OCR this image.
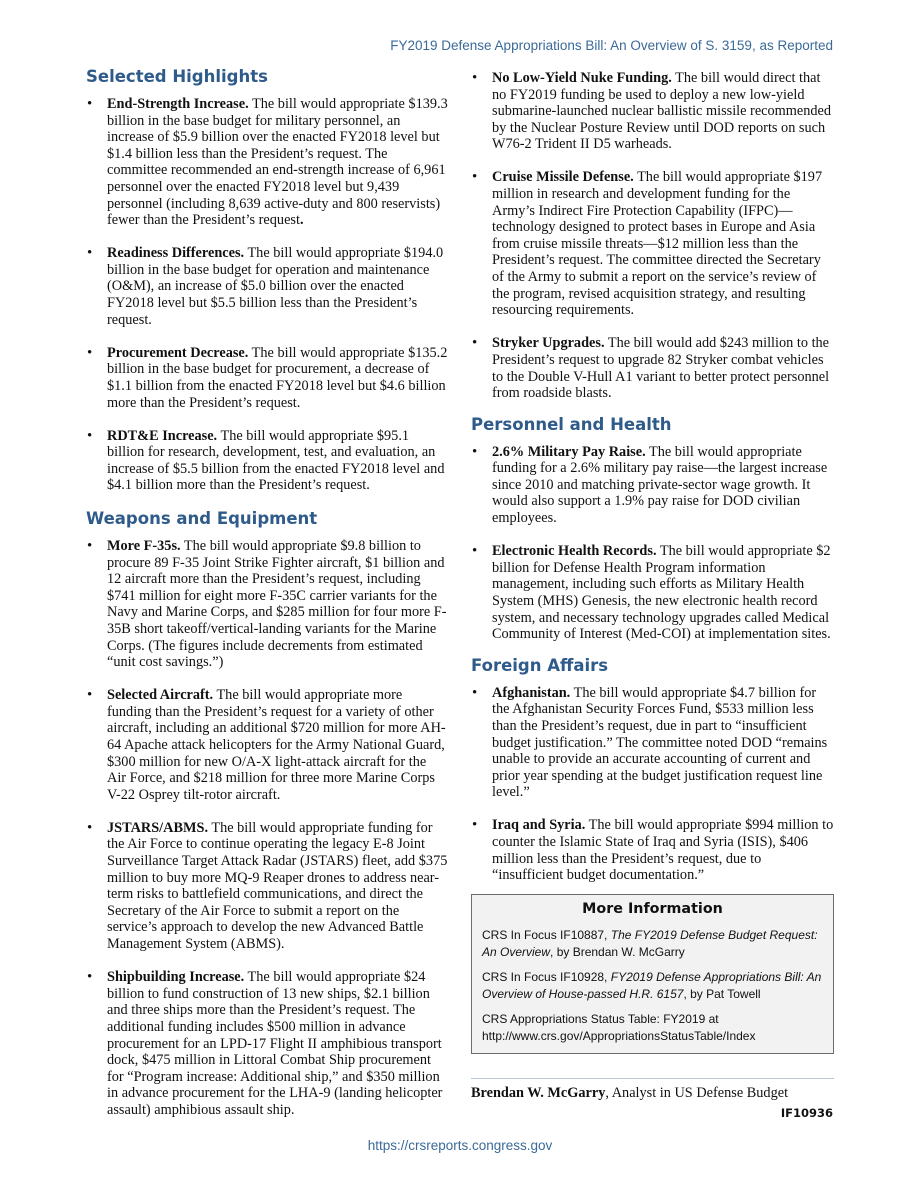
FY2019 Defense Appropriations Bill: An Overview of S. 3159, as Reported
Selected Highlights
• End-Strength Increase. The bill would appropriate $139.3 billion in the base budget for military personnel, an increase of $5.9 billion over the enacted FY2018 level but $1.4 billion less than the President’s request. The committee recommended an end-strength increase of 6,961 personnel over the enacted FY2018 level but 9,439 personnel (including 8,639 active-duty and 800 reservists) fewer than the President’s request.
• Readiness Differences. The bill would appropriate $194.0 billion in the base budget for operation and maintenance (O&M), an increase of $5.0 billion over the enacted FY2018 level but $5.5 billion less than the President’s request.
• Procurement Decrease. The bill would appropriate $135.2 billion in the base budget for procurement, a decrease of $1.1 billion from the enacted FY2018 level but $4.6 billion more than the President’s request.
• RDT&E Increase. The bill would appropriate $95.1 billion for research, development, test, and evaluation, an increase of $5.5 billion from the enacted FY2018 level and $4.1 billion more than the President’s request.
Weapons and Equipment
• More F-35s. The bill would appropriate $9.8 billion to procure 89 F-35 Joint Strike Fighter aircraft, $1 billion and 12 aircraft more than the President’s request, including $741 million for eight more F-35C carrier variants for the Navy and Marine Corps, and $285 million for four more F-35B short takeoff/vertical-landing variants for the Marine Corps. (The figures include decrements from estimated “unit cost savings.”)
• Selected Aircraft. The bill would appropriate more funding than the President’s request for a variety of other aircraft, including an additional $720 million for more AH-64 Apache attack helicopters for the Army National Guard, $300 million for new O/A-X light-attack aircraft for the Air Force, and $218 million for three more Marine Corps V-22 Osprey tilt-rotor aircraft.
• JSTARS/ABMS. The bill would appropriate funding for the Air Force to continue operating the legacy E-8 Joint Surveillance Target Attack Radar (JSTARS) fleet, add $375 million to buy more MQ-9 Reaper drones to address near-term risks to battlefield communications, and direct the Secretary of the Air Force to submit a report on the service’s approach to develop the new Advanced Battle Management System (ABMS).
• Shipbuilding Increase. The bill would appropriate $24 billion to fund construction of 13 new ships, $2.1 billion and three ships more than the President’s request. The additional funding includes $500 million in advance procurement for an LPD-17 Flight II amphibious transport dock, $475 million in Littoral Combat Ship procurement for “Program increase: Additional ship,” and $350 million in advance procurement for the LHA-9 (landing helicopter assault) amphibious assault ship.
• No Low-Yield Nuke Funding. The bill would direct that no FY2019 funding be used to deploy a new low-yield submarine-launched nuclear ballistic missile recommended by the Nuclear Posture Review until DOD reports on such W76-2 Trident II D5 warheads.
• Cruise Missile Defense. The bill would appropriate $197 million in research and development funding for the Army’s Indirect Fire Protection Capability (IFPC)—technology designed to protect bases in Europe and Asia from cruise missile threats—$12 million less than the President’s request. The committee directed the Secretary of the Army to submit a report on the service’s review of the program, revised acquisition strategy, and resulting resourcing requirements.
• Stryker Upgrades. The bill would add $243 million to the President’s request to upgrade 82 Stryker combat vehicles to the Double V-Hull A1 variant to better protect personnel from roadside blasts.
Personnel and Health
• 2.6% Military Pay Raise. The bill would appropriate funding for a 2.6% military pay raise—the largest increase since 2010 and matching private-sector wage growth. It would also support a 1.9% pay raise for DOD civilian employees.
• Electronic Health Records. The bill would appropriate $2 billion for Defense Health Program information management, including such efforts as Military Health System (MHS) Genesis, the new electronic health record system, and necessary technology upgrades called Medical Community of Interest (Med-COI) at implementation sites.
Foreign Affairs
• Afghanistan. The bill would appropriate $4.7 billion for the Afghanistan Security Forces Fund, $533 million less than the President’s request, due in part to “insufficient budget justification.” The committee noted DOD “remains unable to provide an accurate accounting of current and prior year spending at the budget justification request line level.”
• Iraq and Syria. The bill would appropriate $994 million to counter the Islamic State of Iraq and Syria (ISIS), $406 million less than the President’s request, due to “insufficient budget documentation.”
More Information

CRS In Focus IF10887, The FY2019 Defense Budget Request: An Overview, by Brendan W. McGarry

CRS In Focus IF10928, FY2019 Defense Appropriations Bill: An Overview of House-passed H.R. 6157, by Pat Towell

CRS Appropriations Status Table: FY2019 at
http://www.crs.gov/AppropriationsStatusTable/Index

Brendan W. McGarry, Analyst in US Defense Budget
IF10936
https://crsreports.congress.gov
